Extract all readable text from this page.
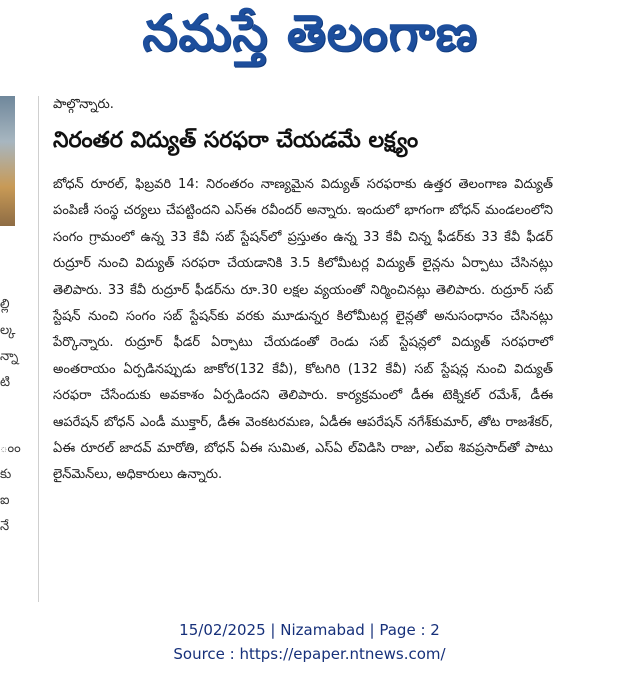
నమస్తే తెలంగాణ
ల్లి
ల్క
న్నా
టి
ంం
కు
ఐ
నే

పాల్గొన్నారు.

నిరంతర విద్యుత్ సరఫరా చేయడమే లక్ష్యం

బోధన్ రూరల్, ఫిబ్రవరి 14: నిరంతరం నాణ్యమైన విద్యుత్ సరఫరాకు ఉత్తర తెలంగాణ విద్యుత్ పంపిణీ సంస్థ చర్యలు చేపట్టిందని ఎస్ఈ రవీందర్ అన్నారు. ఇందులో భాగంగా బోధన్ మండలంలోని సంగం గ్రామంలో ఉన్న 33 కేవీ సబ్ స్టేషన్‌లో ప్రస్తుతం ఉన్న 33 కేవీ చిన్న ఫీడర్‌కు 33 కేవీ ఫీడర్ రుద్రూర్ నుంచి విద్యుత్ సరఫరా చేయడానికి 3.5 కిలోమీటర్ల విద్యుత్ లైన్లను ఏర్పాటు చేసినట్లు తెలిపారు. 33 కేవీ రుద్రూర్ ఫీడర్‌ను రూ.30 లక్షల వ్యయంతో నిర్మించినట్లు తెలిపారు. రుద్రూర్ సబ్ స్టేషన్ నుంచి సంగం సబ్ స్టేషన్‌కు వరకు మూడున్నర కిలోమీటర్ల లైన్లతో అనుసంధానం చేసినట్లు పేర్కొన్నారు. రుద్రూర్ ఫీడర్ ఏర్పాటు చేయడంతో రెండు సబ్ స్టేషన్లలో విద్యుత్ సరఫరాలో అంతరాయం ఏర్పడినప్పుడు జాకోర(132 కేవీ), కోటగిరి (132 కేవీ) సబ్ స్టేషన్ల నుంచి విద్యుత్ సరఫరా చేసేందుకు అవకాశం ఏర్పడిందని తెలిపారు. కార్యక్రమంలో డీఈ టెక్నికల్ రమేశ్, డీఈ ఆపరేషన్ బోధన్ ఎండీ ముక్తార్, డీఈ వెంకటరమణ, ఏడీఈ ఆపరేషన్ నగేశ్‌కుమార్, తోట రాజశేకర్, ఏఈ రూరల్ జాదవ్ మారోతి, బోధన్ ఏఈ సుమిత, ఎస్ఏ ల్‌విడిసి రాజు, ఎల్ఐ శివప్రసాద్‌తో పాటు లైన్‌మెన్‌లు, అధికారులు ఉన్నారు.

15/02/2025 | Nizamabad | Page : 2
Source : https://epaper.ntnews.com/
